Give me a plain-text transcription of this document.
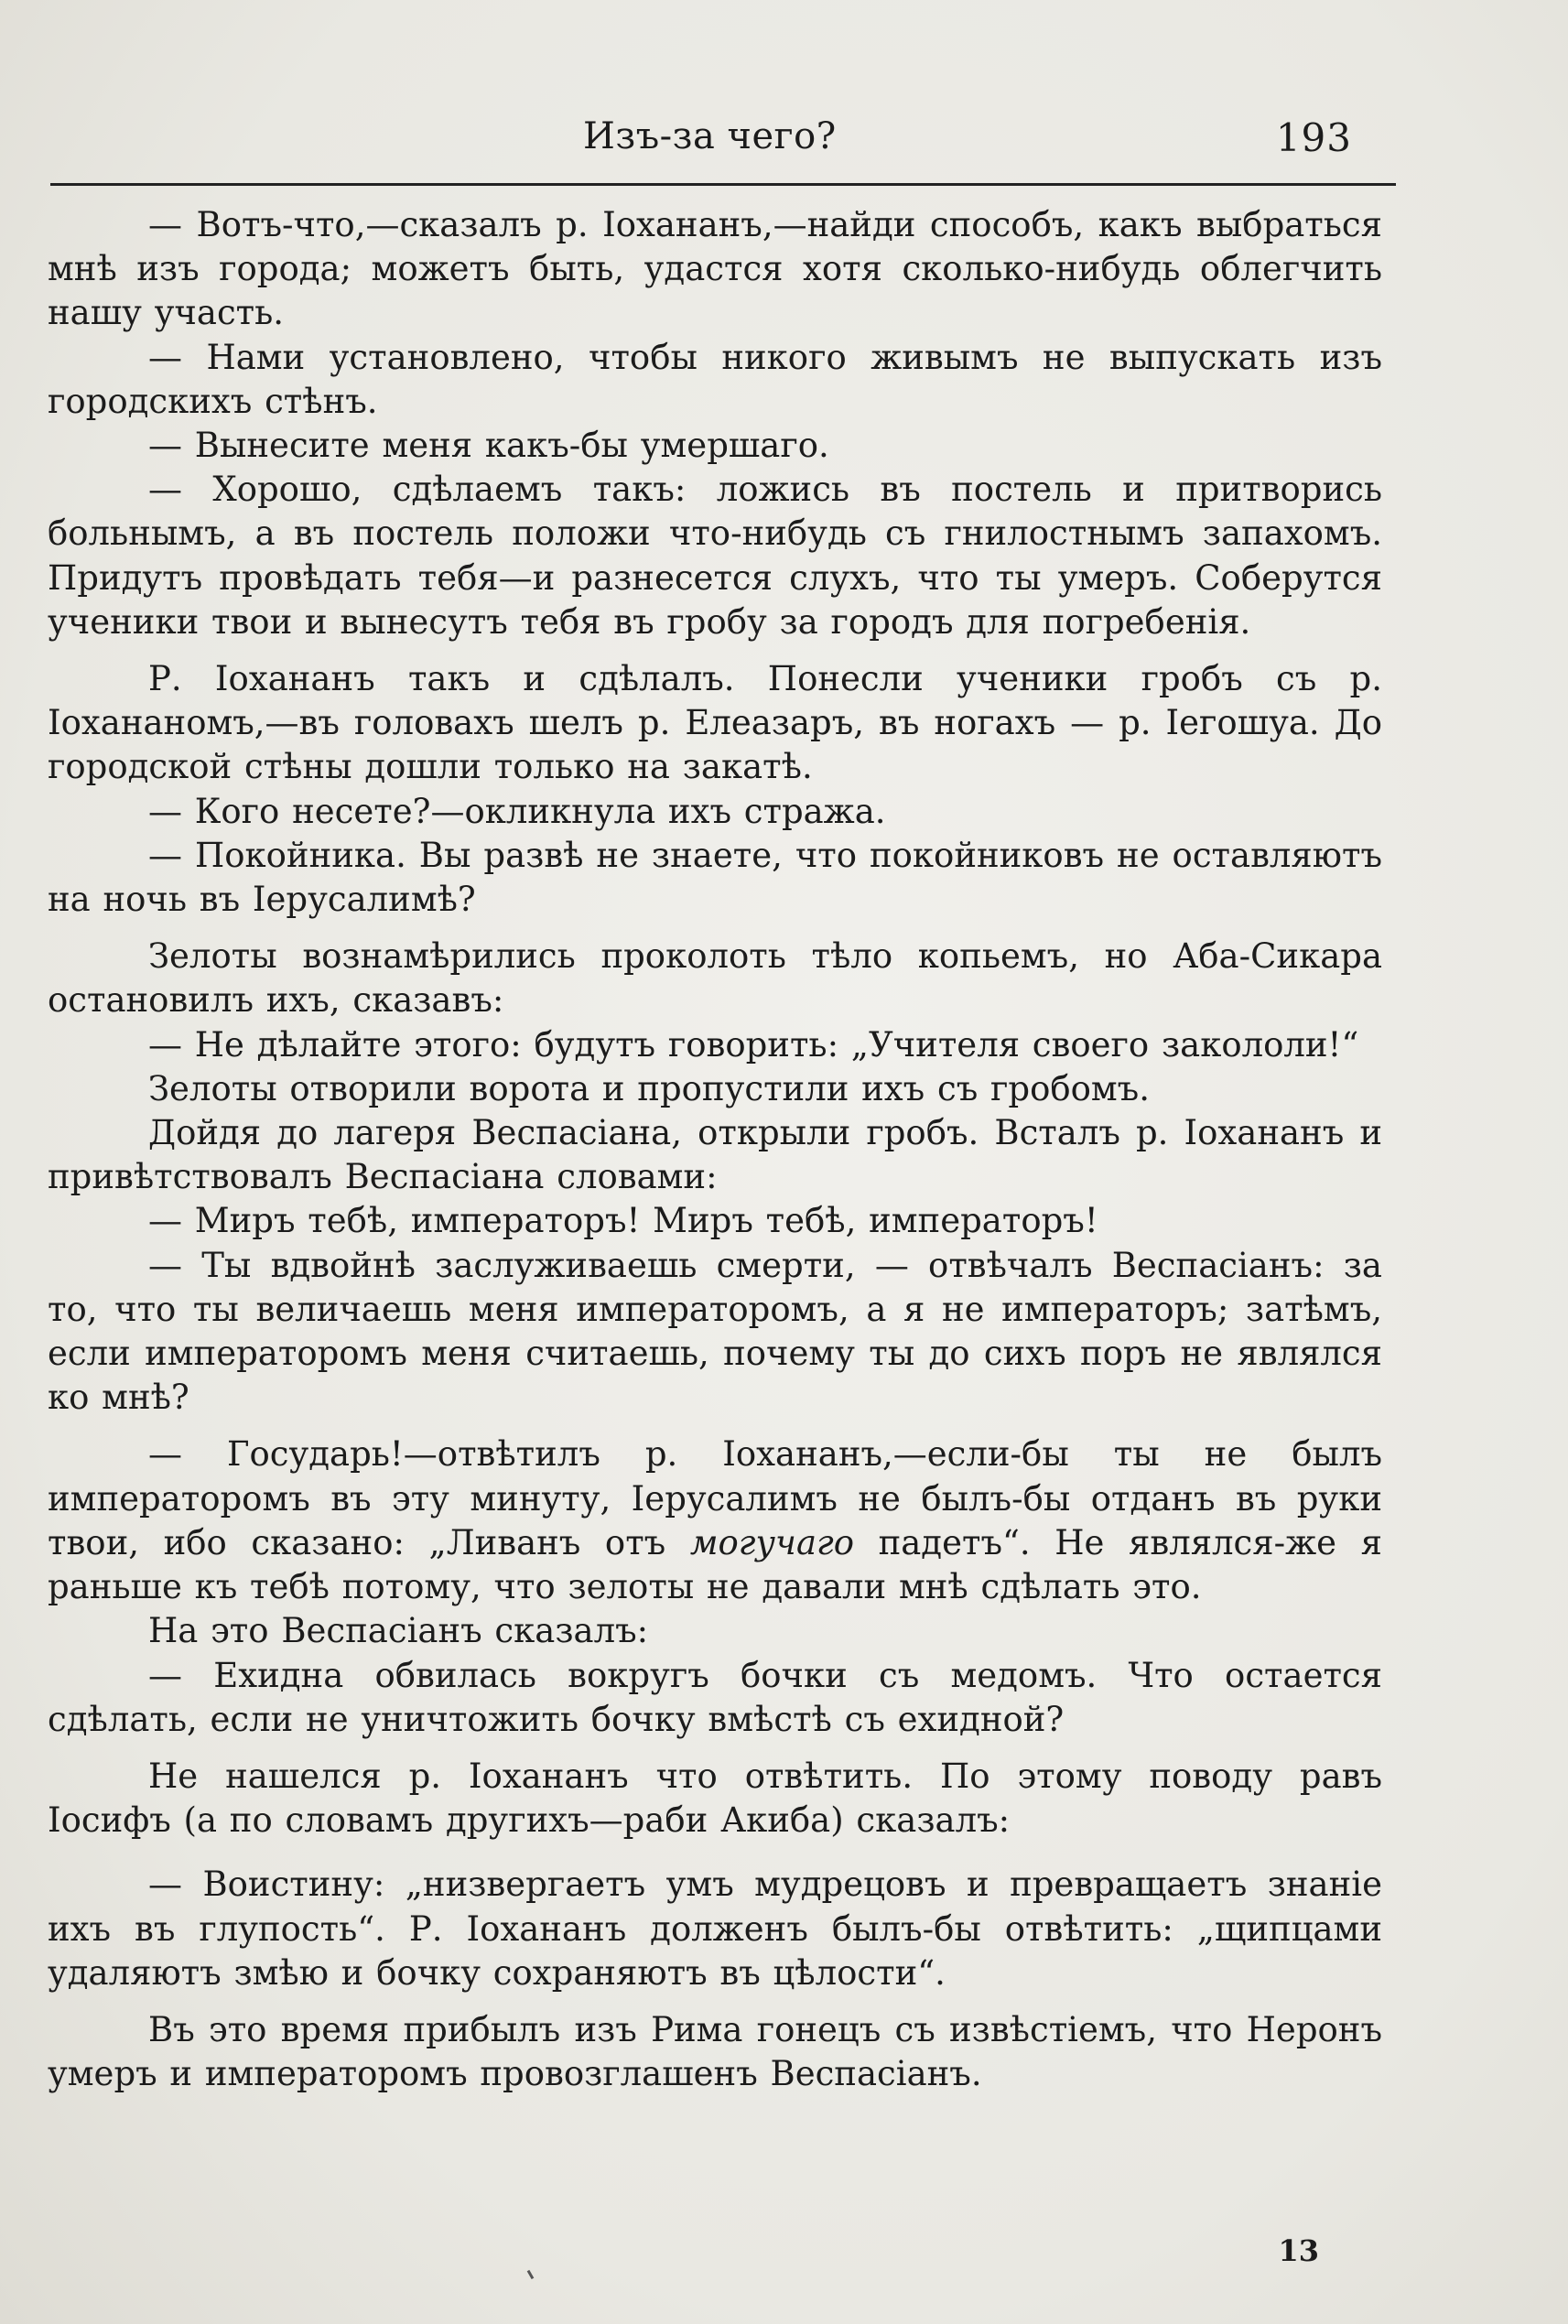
Изъ-за чего?	193

— Вотъ-что,—сказалъ р. Іохананъ,—найди способъ, какъ выбраться мнѣ изъ города; можетъ быть, удастся хотя сколько-нибудь облегчить нашу участь.

— Нами установлено, чтобы никого живымъ не выпускать изъ городскихъ стѣнъ.

— Вынесите меня какъ-бы умершаго.

— Хорошо, сдѣлаемъ такъ: ложись въ постель и притворись больнымъ, а въ постель положи что-нибудь съ гнилостнымъ запахомъ. Придутъ провѣдать тебя—и разнесется слухъ, что ты умеръ. Соберутся ученики твои и вынесутъ тебя въ гробу за городъ для погребенія.

Р. Іохананъ такъ и сдѣлалъ. Понесли ученики гробъ съ р. Іохананомъ,—въ головахъ шелъ р. Елеазаръ, въ ногахъ — р. Іегошуа. До городской стѣны дошли только на закатѣ.

— Кого несете?—окликнула ихъ стража.

— Покойника. Вы развѣ не знаете, что покойниковъ не оставляютъ на ночь въ Іерусалимѣ?

Зелоты вознамѣрились проколоть тѣло копьемъ, но Аба-Сикара остановилъ ихъ, сказавъ:

— Не дѣлайте этого: будутъ говорить: „Учителя своего закололи!“

Зелоты отворили ворота и пропустили ихъ съ гробомъ.

Дойдя до лагеря Веспасіана, открыли гробъ. Всталъ р. Іохананъ и привѣтствовалъ Веспасіана словами:

— Миръ тебѣ, императоръ! Миръ тебѣ, императоръ!

— Ты вдвойнѣ заслуживаешь смерти, — отвѣчалъ Веспасіанъ: за то, что ты величаешь меня императоромъ, а я не императоръ; затѣмъ, если императоромъ меня считаешь, почему ты до сихъ поръ не являлся ко мнѣ?

— Государь!—отвѣтилъ р. Іохананъ,—если-бы ты не былъ императоромъ въ эту минуту, Іерусалимъ не былъ-бы отданъ въ руки твои, ибо сказано: „Ливанъ отъ могучаго падетъ“. Не являлся-же я раньше къ тебѣ потому, что зелоты не давали мнѣ сдѣлать это.

На это Веспасіанъ сказалъ:

— Ехидна обвилась вокругъ бочки съ медомъ. Что остается сдѣлать, если не уничтожить бочку вмѣстѣ съ ехидной?

Не нашелся р. Іохананъ что отвѣтить. По этому поводу равъ Іосифъ (а по словамъ другихъ—раби Акиба) сказалъ:

— Воистину: „низвергаетъ умъ мудрецовъ и превращаетъ знаніе ихъ въ глупость“. Р. Іохананъ долженъ былъ-бы отвѣтить: „щипцами удаляютъ змѣю и бочку сохраняютъ въ цѣлости“.

Въ это время прибылъ изъ Рима гонецъ съ извѣстіемъ, что Неронъ умеръ и императоромъ провозглашенъ Веспасіанъ.

13
